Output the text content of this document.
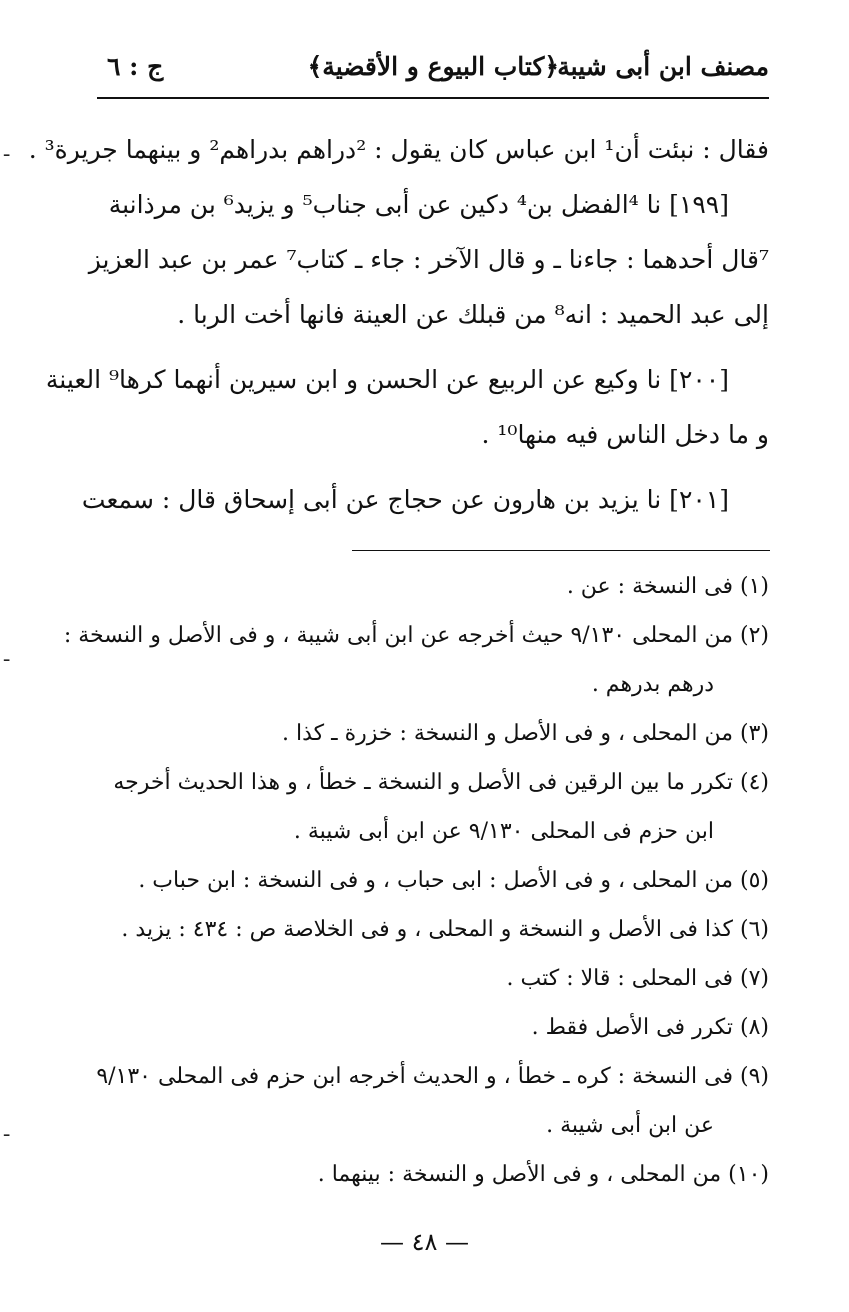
مصنف ابن أبى شيبة
﴿كتاب البيوع و الأقضية﴾
ج : ٦
فقال : نبئت أن¹ ابن عباس كان يقول : ²دراهم بدراهم² و بينهما جريرة³ .
[١٩٩] نا ⁴الفضل بن⁴ دكين عن أبى جناب⁵ و يزيد⁶ بن مرذانبة
⁷قال أحدهما : جاءنا ـ و قال الآخر : جاء ـ كتاب⁷ عمر بن عبد العزيز
إلى عبد الحميد : انه⁸ من قبلك عن العينة فانها أخت الربا .
[٢٠٠] نا وكيع عن الربيع عن الحسن و ابن سيرين أنهما كرها⁹ العينة
و ما دخل الناس فيه منها¹⁰ .
[٢٠١] نا يزيد بن هارون عن حجاج عن أبى إسحاق قال : سمعت
(١) فى النسخة : عن .
(٢) من المحلى ٩/١٣٠ حيث أخرجه عن ابن أبى شيبة ، و فى الأصل و النسخة :
درهم بدرهم .
(٣) من المحلى ، و فى الأصل و النسخة : خزرة ـ كذا .
(٤) تكرر ما بين الرقين فى الأصل و النسخة ـ خطأ ، و هذا الحديث أخرجه
ابن حزم فى المحلى ٩/١٣٠ عن ابن أبى شيبة .
(٥) من المحلى ، و فى الأصل : ابى حباب ، و فى النسخة : ابن حباب .
(٦) كذا فى الأصل و النسخة و المحلى ، و فى الخلاصة ص : ٤٣٤ : يزيد .
(٧) فى المحلى : قالا : كتب .
(٨) تكرر فى الأصل فقط .
(٩) فى النسخة : كره ـ خطأ ، و الحديث أخرجه ابن حزم فى المحلى ٩/١٣٠
عن ابن أبى شيبة .
(١٠) من المحلى ، و فى الأصل و النسخة : بينهما .
— ٤٨ —
ـ
ـ
ـ
